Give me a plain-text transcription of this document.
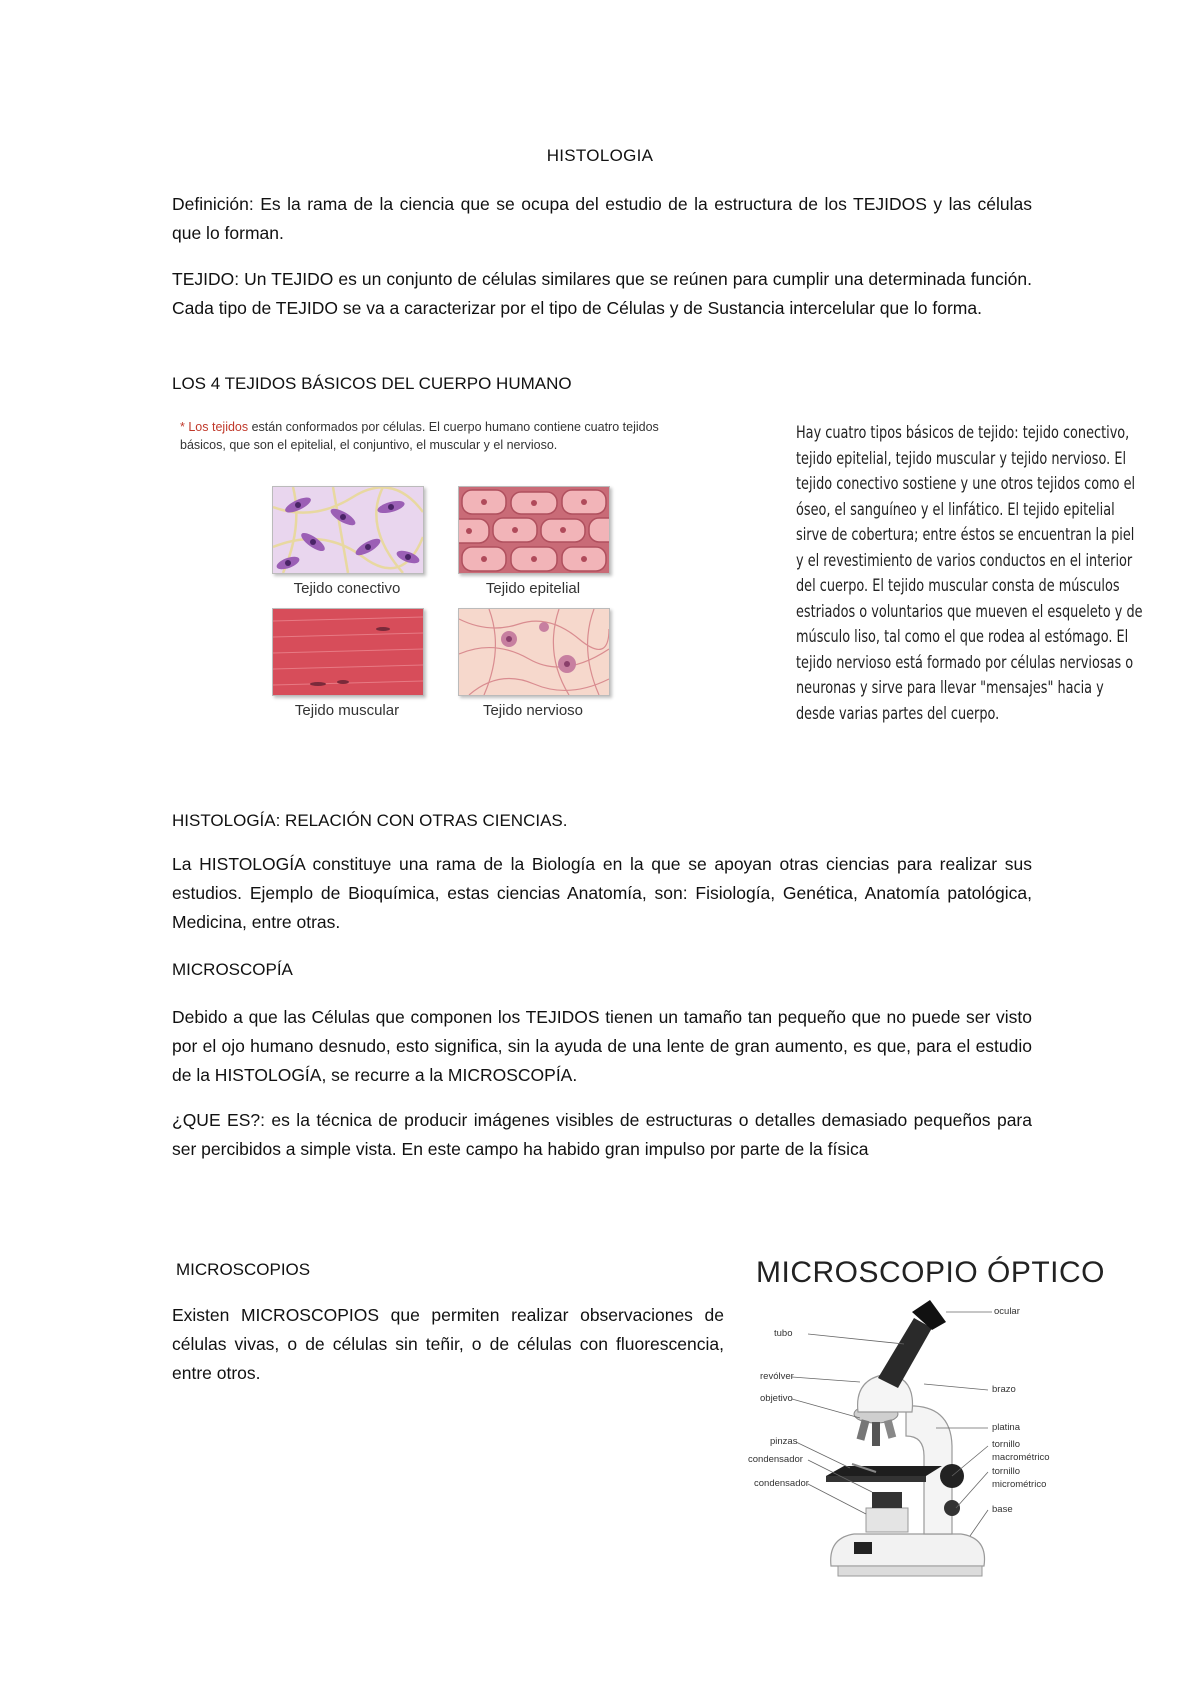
HISTOLOGIA

Definición: Es la rama de la ciencia que se ocupa del estudio de la estructura de los TEJIDOS y las células que lo forman.

TEJIDO: Un TEJIDO es un conjunto de células similares que se reúnen para cumplir una determinada función. Cada tipo de TEJIDO se va a caracterizar por el tipo de Células y de Sustancia intercelular que lo forma.

LOS 4 TEJIDOS BÁSICOS DEL CUERPO HUMANO

* Los tejidos están conformados por células. El cuerpo humano contiene cuatro tejidos básicos, que son el epitelial, el conjuntivo, el muscular y el nervioso.

Tejido conectivo	Tejido epitelial
Tejido muscular	Tejido nervioso

Hay cuatro tipos básicos de tejido: tejido conectivo, tejido epitelial, tejido muscular y tejido nervioso. El tejido conectivo sostiene y une otros tejidos como el óseo, el sanguíneo y el linfático. El tejido epitelial sirve de cobertura; entre éstos se encuentran la piel y el revestimiento de varios conductos en el interior del cuerpo. El tejido muscular consta de músculos estriados o voluntarios que mueven el esqueleto y de músculo liso, tal como el que rodea al estómago. El tejido nervioso está formado por células nerviosas o neuronas y sirve para llevar "mensajes" hacia y desde varias partes del cuerpo.

HISTOLOGÍA: RELACIÓN CON OTRAS CIENCIAS.

La HISTOLOGÍA constituye una rama de la Biología en la que se apoyan otras ciencias para realizar sus estudios. Ejemplo de Bioquímica, estas ciencias Anatomía, son: Fisiología, Genética, Anatomía patológica, Medicina, entre otras.

MICROSCOPÍA

Debido a que las Células que componen los TEJIDOS tienen un tamaño tan pequeño que no puede ser visto por el ojo humano desnudo, esto significa, sin la ayuda de una lente de gran aumento, es que, para el estudio de la HISTOLOGÍA, se recurre a la MICROSCOPÍA.

¿QUE ES?: es la técnica de producir imágenes visibles de estructuras o detalles demasiado pequeños para ser percibidos a simple vista. En este campo ha habido gran impulso por parte de la física

MICROSCOPIOS

Existen MICROSCOPIOS que permiten realizar observaciones de células vivas, o de células sin teñir, o de células con fluorescencia, entre otros.

MICROSCOPIO ÓPTICO
ocular
tubo
revólver
objetivo
brazo
platina
pinzas	tornillo
macrométrico
condensador
tornillo
micrométrico
condensador
base
